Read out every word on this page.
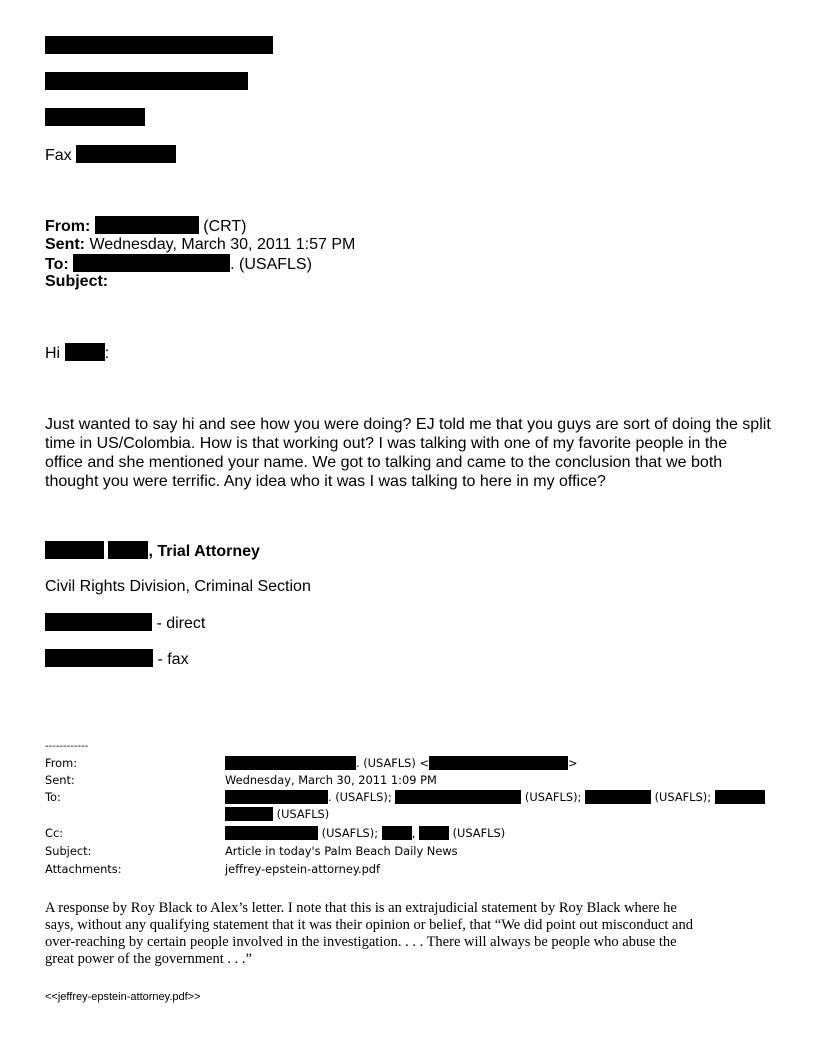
Fax
From:	(CRT)
Sent: Wednesday, March 30, 2011 1:57 PM
To:	. (USAFLS)
Subject:
Hi	:
Just wanted to say hi and see how you were doing? EJ told me that you guys are sort of doing the split
time in US/Colombia. How is that working out? I was talking with one of my favorite people in the
office and she mentioned your name. We got to talking and came to the conclusion that we both
thought you were terrific. Any idea who it was I was talking to here in my office?
, Trial Attorney
Civil Rights Division, Criminal Section
- direct
- fax
------------
From:	. (USAFLS) <	>
Sent:	Wednesday, March 30, 2011 1:09 PM
To:	. (USAFLS);	(USAFLS);	(USAFLS);
(USAFLS)
Cc:	(USAFLS);	,	(USAFLS)
Subject:	Article in today's Palm Beach Daily News
Attachments:	jeffrey-epstein-attorney.pdf
A response by Roy Black to Alex’s letter. I note that this is an extrajudicial statement by Roy Black where he
says, without any qualifying statement that it was their opinion or belief, that “We did point out misconduct and
over-reaching by certain people involved in the investigation. . . . There will always be people who abuse the
great power of the government . . .”
<<jeffrey-epstein-attorney.pdf>>
